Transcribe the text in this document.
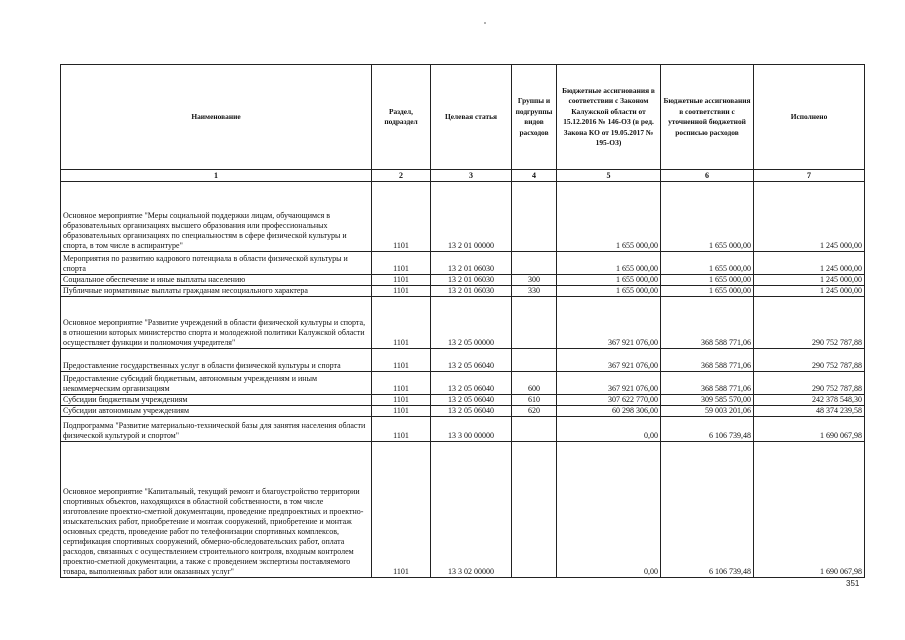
Наименование	Раздел, подраздел	Целевая статья	Группы и подгруппы видов расходов	Бюджетные ассигнования в соответствии с Законом Калужской области от 15.12.2016 № 146-ОЗ (в ред. Закона КО от 19.05.2017 № 195-ОЗ)	Бюджетные ассигнования в соответствии с уточненной бюджетной росписью расходов	Исполнено
1	2	3	4	5	6	7
Основное мероприятие "Меры социальной поддержки лицам, обучающимся в образовательных организациях высшего образования или профессиональных образовательных организациях по специальностям в сфере физической культуры и спорта, в том числе в аспирантуре"	1101	13 2 01 00000		1 655 000,00	1 655 000,00	1 245 000,00
Мероприятия по развитию кадрового потенциала в области физической культуры и спорта	1101	13 2 01 06030		1 655 000,00	1 655 000,00	1 245 000,00
Социальное обеспечение и иные выплаты населению	1101	13 2 01 06030	300	1 655 000,00	1 655 000,00	1 245 000,00
Публичные нормативные выплаты гражданам несоциального характера	1101	13 2 01 06030	330	1 655 000,00	1 655 000,00	1 245 000,00
Основное мероприятие "Развитие учреждений в области физической культуры и спорта, в отношении которых министерство спорта и молодежной политики Калужской области осуществляет функции и полномочия учредителя"	1101	13 2 05 00000		367 921 076,00	368 588 771,06	290 752 787,88
Предоставление государственных услуг в области физической культуры и спорта	1101	13 2 05 06040		367 921 076,00	368 588 771,06	290 752 787,88
Предоставление субсидий бюджетным, автономным учреждениям и иным некоммерческим организациям	1101	13 2 05 06040	600	367 921 076,00	368 588 771,06	290 752 787,88
Субсидии бюджетным учреждениям	1101	13 2 05 06040	610	307 622 770,00	309 585 570,00	242 378 548,30
Субсидии автономным учреждениям	1101	13 2 05 06040	620	60 298 306,00	59 003 201,06	48 374 239,58
Подпрограмма "Развитие материально-технической базы для занятия населения области физической культурой и спортом"	1101	13 3 00 00000		0,00	6 106 739,48	1 690 067,98
Основное мероприятие "Капитальный, текущий ремонт и благоустройство территории спортивных объектов, находящихся в областной собственности, в том числе изготовление проектно-сметной документации, проведение предпроектных и проектно-изыскательских работ, приобретение и монтаж сооружений, приобретение и монтаж основных средств, проведение работ по телефонизации спортивных комплексов, сертификация спортивных сооружений, обмерно-обследовательских работ, оплата расходов, связанных с осуществлением строительного контроля, входным контролем проектно-сметной документации, а также с проведением экспертизы поставляемого товара, выполненных работ или оказанных услуг"	1101	13 3 02 00000		0,00	6 106 739,48	1 690 067,98
351
